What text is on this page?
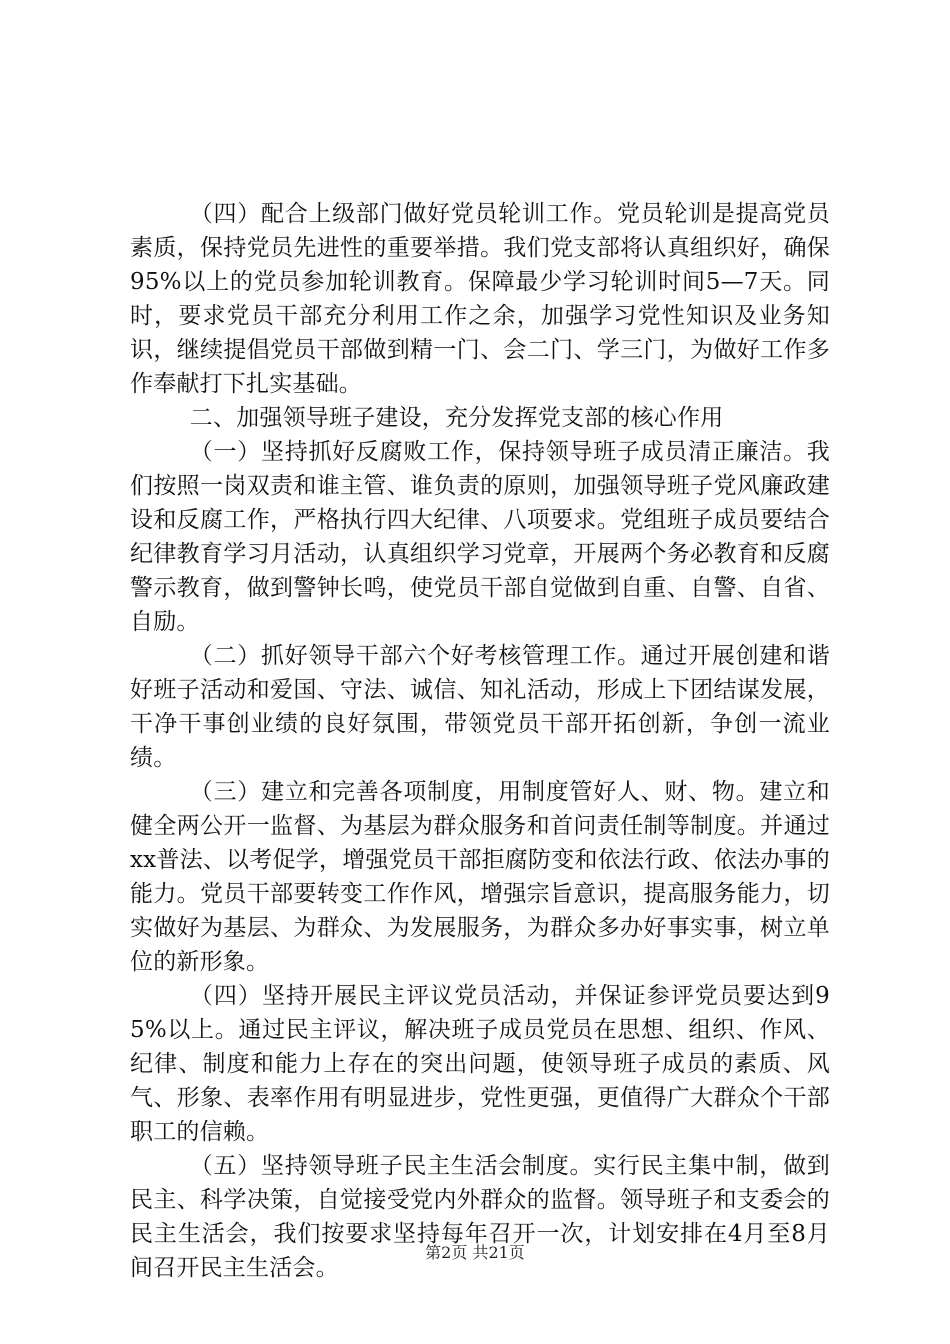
（四）配合上级部门做好党员轮训工作。党员轮训是提高党员素质，保持党员先进性的重要举措。我们党支部将认真组织好，确保95%以上的党员参加轮训教育。保障最少学习轮训时间5—7天。同时，要求党员干部充分利用工作之余，加强学习党性知识及业务知识，继续提倡党员干部做到精一门、会二门、学三门，为做好工作多作奉献打下扎实基础。

二、加强领导班子建设，充分发挥党支部的核心作用

（一）坚持抓好反腐败工作，保持领导班子成员清正廉洁。我们按照一岗双责和谁主管、谁负责的原则，加强领导班子党风廉政建设和反腐工作，严格执行四大纪律、八项要求。党组班子成员要结合纪律教育学习月活动，认真组织学习党章，开展两个务必教育和反腐警示教育，做到警钟长鸣，使党员干部自觉做到自重、自警、自省、自励。

（二）抓好领导干部六个好考核管理工作。通过开展创建和谐好班子活动和爱国、守法、诚信、知礼活动，形成上下团结谋发展，干净干事创业绩的良好氛围，带领党员干部开拓创新，争创一流业绩。

（三）建立和完善各项制度，用制度管好人、财、物。建立和健全两公开一监督、为基层为群众服务和首问责任制等制度。并通过xx普法、以考促学，增强党员干部拒腐防变和依法行政、依法办事的能力。党员干部要转变工作作风，增强宗旨意识，提高服务能力，切实做好为基层、为群众、为发展服务，为群众多办好事实事，树立单位的新形象。

（四）坚持开展民主评议党员活动，并保证参评党员要达到95%以上。通过民主评议，解决班子成员党员在思想、组织、作风、纪律、制度和能力上存在的突出问题，使领导班子成员的素质、风气、形象、表率作用有明显进步，党性更强，更值得广大群众个干部职工的信赖。

（五）坚持领导班子民主生活会制度。实行民主集中制，做到民主、科学决策，自觉接受党内外群众的监督。领导班子和支委会的民主生活会，我们按要求坚持每年召开一次，计划安排在4月至8月间召开民主生活会。

第2页 共21页
